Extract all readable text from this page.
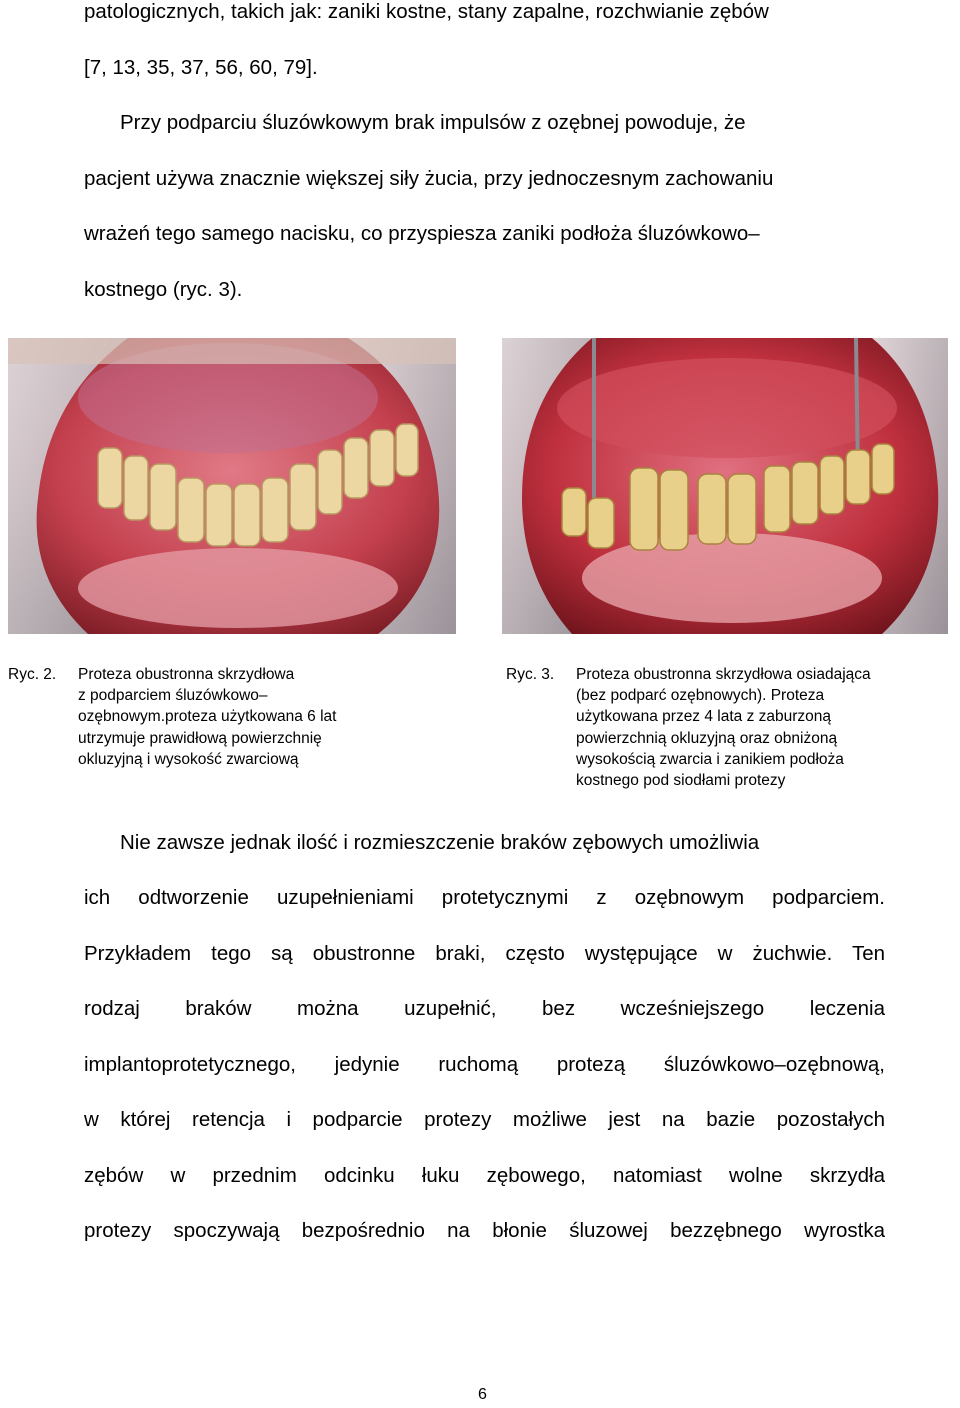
patologicznych, takich jak: zaniki kostne, stany zapalne, rozchwianie zębów
[7, 13, 35, 37, 56, 60, 79].
Przy podparciu śluzówkowym brak impulsów z ozębnej powoduje, że
pacjent używa znacznie większej siły żucia, przy jednoczesnym zachowaniu
wrażeń tego samego nacisku, co przyspiesza zaniki podłoża śluzówkowo–
kostnego (ryc. 3).
Ryc. 2. Proteza obustronna skrzydłowa
z podparciem śluzówkowo–
ozębnowym.proteza użytkowana 6 lat
utrzymuje prawidłową powierzchnię
okluzyjną i wysokość zwarciową
Ryc. 3. Proteza obustronna skrzydłowa osiadająca
(bez podparć ozębnowych). Proteza
użytkowana przez 4 lata z zaburzoną
powierzchnią okluzyjną oraz obniżoną
wysokością zwarcia i zanikiem podłoża
kostnego pod siodłami protezy
Nie zawsze jednak ilość i rozmieszczenie braków zębowych umożliwia
ich odtworzenie uzupełnieniami protetycznymi z ozębnowym podparciem.
Przykładem tego są obustronne braki, często występujące w żuchwie. Ten
rodzaj braków można uzupełnić, bez wcześniejszego leczenia
implantoprotetycznego, jedynie ruchomą protezą śluzówkowo–ozębnową,
w której retencja i podparcie protezy możliwe jest na bazie pozostałych
zębów w przednim odcinku łuku zębowego, natomiast wolne skrzydła
protezy spoczywają bezpośrednio na błonie śluzowej bezzębnego wyrostka
6
